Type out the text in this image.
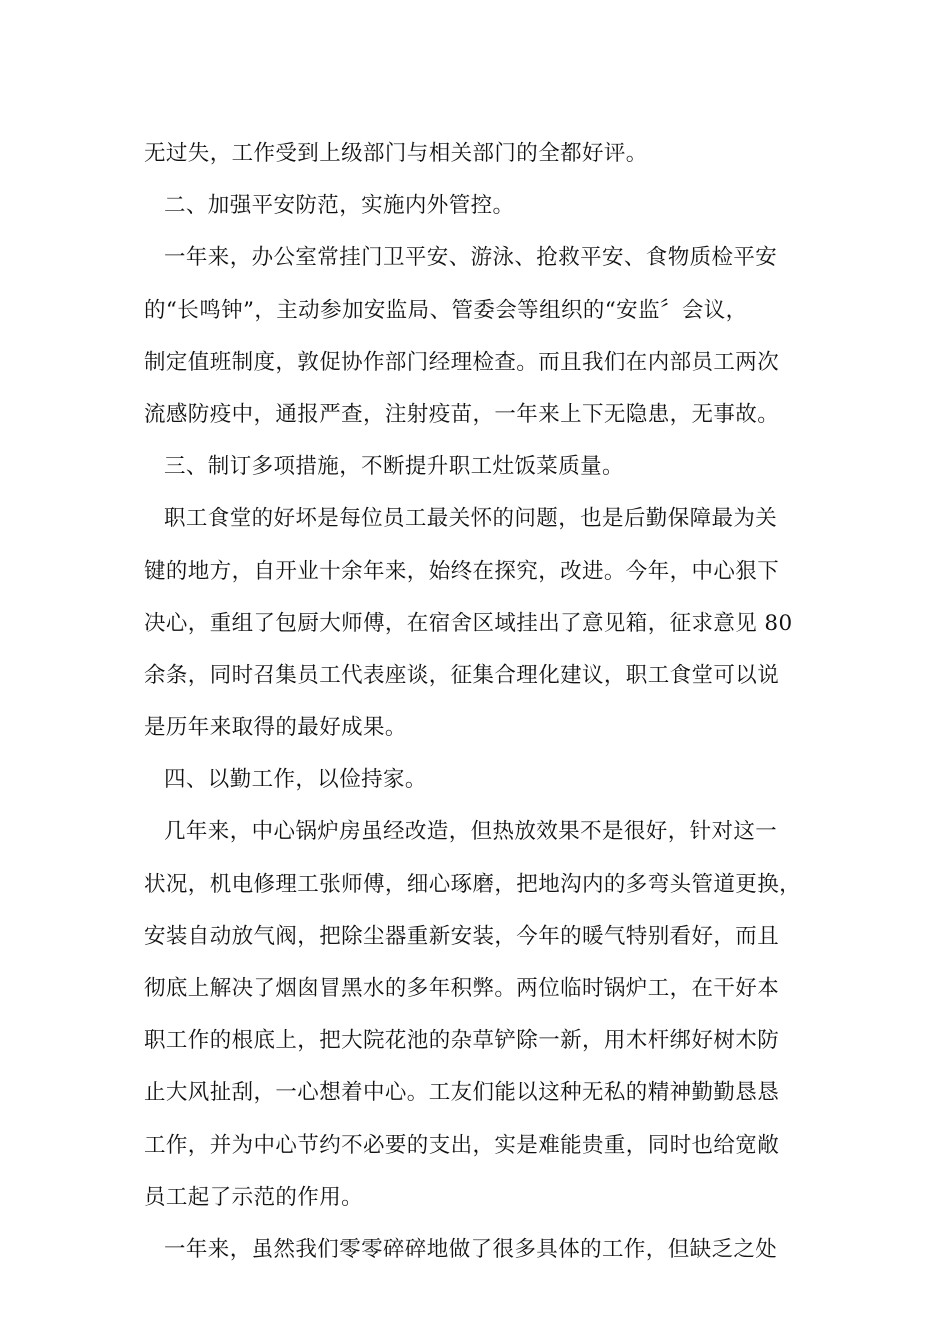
无过失，工作受到上级部门与相关部门的全都好评。

二、加强平安防范，实施内外管控。

一年来，办公室常挂门卫平安、游泳、抢救平安、食物质检平安

的“长鸣钟”，主动参加安监局、管委会等组织的“安监〞会议，

制定值班制度，敦促协作部门经理检查。而且我们在内部员工两次

流感防疫中，通报严查，注射疫苗，一年来上下无隐患，无事故。

三、制订多项措施，不断提升职工灶饭菜质量。

职工食堂的好坏是每位员工最关怀的问题，也是后勤保障最为关

键的地方，自开业十余年来，始终在探究，改进。今年，中心狠下

决心，重组了包厨大师傅，在宿舍区域挂出了意见箱，征求意见 80

余条，同时召集员工代表座谈，征集合理化建议，职工食堂可以说

是历年来取得的最好成果。

四、以勤工作，以俭持家。

几年来，中心锅炉房虽经改造，但热放效果不是很好，针对这一

状况，机电修理工张师傅，细心琢磨，把地沟内的多弯头管道更换，

安装自动放气阀，把除尘器重新安装，今年的暖气特别看好，而且

彻底上解决了烟囱冒黑水的多年积弊。两位临时锅炉工，在干好本

职工作的根底上，把大院花池的杂草铲除一新，用木杆绑好树木防

止大风扯刮，一心想着中心。工友们能以这种无私的精神勤勤恳恳

工作，并为中心节约不必要的支出，实是难能贵重，同时也给宽敞

员工起了示范的作用。

一年来，虽然我们零零碎碎地做了很多具体的工作，但缺乏之处
